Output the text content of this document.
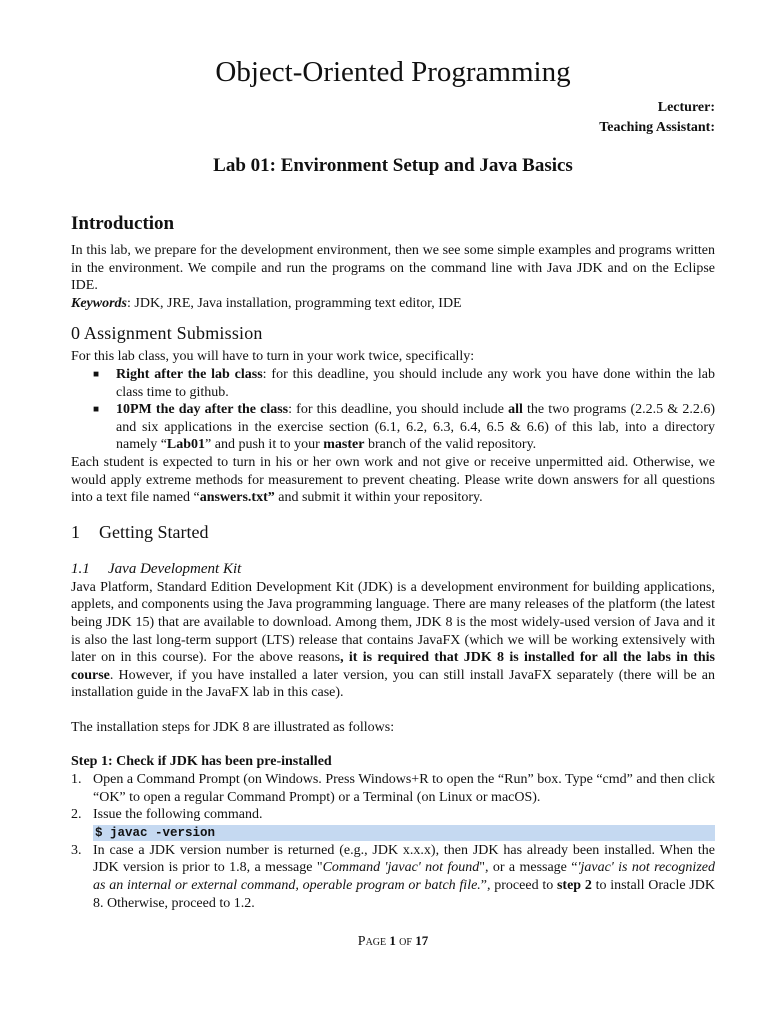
Object-Oriented Programming
Lecturer:
Teaching Assistant:
Lab 01: Environment Setup and Java Basics
Introduction

In this lab, we prepare for the development environment, then we see some simple examples and programs written in the environment. We compile and run the programs on the command line with Java JDK and on the Eclipse IDE.

Keywords: JDK, JRE, Java installation, programming text editor, IDE

0 Assignment Submission

For this lab class, you will have to turn in your work twice, specifically:

■ Right after the lab class: for this deadline, you should include any work you have done within the lab class time to github.
■ 10PM the day after the class: for this deadline, you should include all the two programs (2.2.5 & 2.2.6) and six applications in the exercise section (6.1, 6.2, 6.3, 6.4, 6.5 & 6.6) of this lab, into a directory namely “Lab01” and push it to your master branch of the valid repository.

Each student is expected to turn in his or her own work and not give or receive unpermitted aid. Otherwise, we would apply extreme methods for measurement to prevent cheating. Please write down answers for all questions into a text file named “answers.txt” and submit it within your repository.

1 Getting Started
1.1 Java Development Kit

Java Platform, Standard Edition Development Kit (JDK) is a development environment for building applications, applets, and components using the Java programming language. There are many releases of the platform (the latest being JDK 15) that are available to download. Among them, JDK 8 is the most widely-used version of Java and it is also the last long-term support (LTS) release that contains JavaFX (which we will be working extensively with later on in this course). For the above reasons, it is required that JDK 8 is installed for all the labs in this course. However, if you have installed a later version, you can still install JavaFX separately (there will be an installation guide in the JavaFX lab in this case).

The installation steps for JDK 8 are illustrated as follows:

Step 1: Check if JDK has been pre-installed

1. Open a Command Prompt (on Windows. Press Windows+R to open the “Run” box. Type “cmd” and then click “OK” to open a regular Command Prompt) or a Terminal (on Linux or macOS).
2. Issue the following command.
$ javac -version
3. In case a JDK version number is returned (e.g., JDK x.x.x), then JDK has already been installed. When the JDK version is prior to 1.8, a message "Command 'javac' not found", or a message “'javac' is not recognized as an internal or external command, operable program or batch file.”, proceed to step 2 to install Oracle JDK 8. Otherwise, proceed to 1.2.
Page 1 of 17
